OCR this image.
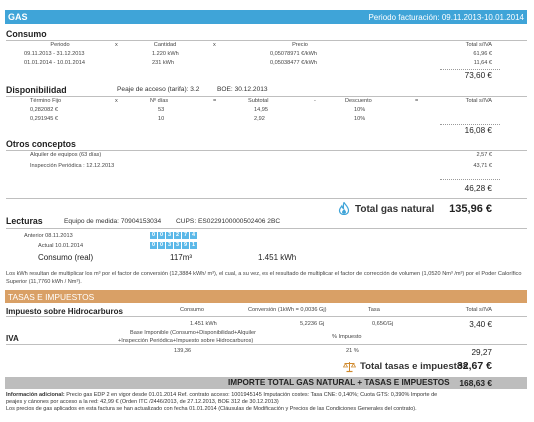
GAS	Periodo facturación: 09.11.2013-10.01.2014
Consumo
Periodo	x	Cantidad	x	Precio	Total s/IVA
09.11.2013 - 31.12.2013	1.220 kWh	0,05078971 €/kWh	61,96 €
01.01.2014 - 10.01.2014	231 kWh	0,05038477 €/kWh	11,64 €
73,60 €
Disponibilidad	Peaje de acceso (tarifa): 3.2	BOE: 30.12.2013
Término Fijo	x	Nº días	=	Subtotal	-	Descuento	=	Total s/IVA
0,282082 €	53	14,95	10%
0,291945 €	10	2,92	10%
16,08 €
Otros conceptos
Alquiler de equipos (63 días)	2,57 €
Inspección Periódica : 12.12.2013	43,71 €
46,28 €
Total gas natural 135,96 €
Lecturas	Equipo de medida: 70904153034 CUPS: ES0229100000502406 2BC
Anterior 08.11.2013	0 0 3 2 7 4
Actual 10.01.2014	0 0 3 3 9 1
Consumo (real)	117m³	1.451 kWh
Los kWh resultan de multiplicar los m³ por el factor de conversión (12,3884 kWh/ m³), el cual, a su vez, es el resultado de multiplicar el factor de corrección de volumen (1,0520 Nm³ /m³) por el Poder Calorífico Superior (11,7760 kWh / Nm³).
TASAS E IMPUESTOS
Consumo	Conversión (1kWh = 0,0036 Gj)	Tasa	Total s/IVA
Impuesto sobre Hidrocarburos
1.451 kWh	5,2236 Gj	0,65€/Gj	3,40 €
Base Imponible (Consumo+Disponibilidad+Alquiler
+Inspección Periódica+Impuesto sobre Hidrocarburos)
% Impuesto
IVA
139,36	21 %	29,27
Total tasas e impuestos
32,67 €
IMPORTE TOTAL GAS NATURAL + TASAS E IMPUESTOS 168,63 €
Información adicional: Precio gas EDP 2 en vigor desde 01.01.2014 Ref. contrato acceso: 1001945145 Imputación costes: Tasa CNE: 0,140%; Cuota GTS: 0,390% Importe de
peajes y cánones por acceso a la red: 42,99 € (Orden ITC /2446/2013, de 27.12.2013, BOE 312 de 30.12.2013)
Los precios de gas aplicados en esta factura se han actualizado con fecha 01.01.2014 (Cláusulas de Modificación y Precios de las Condiciones Generales del contrato).
